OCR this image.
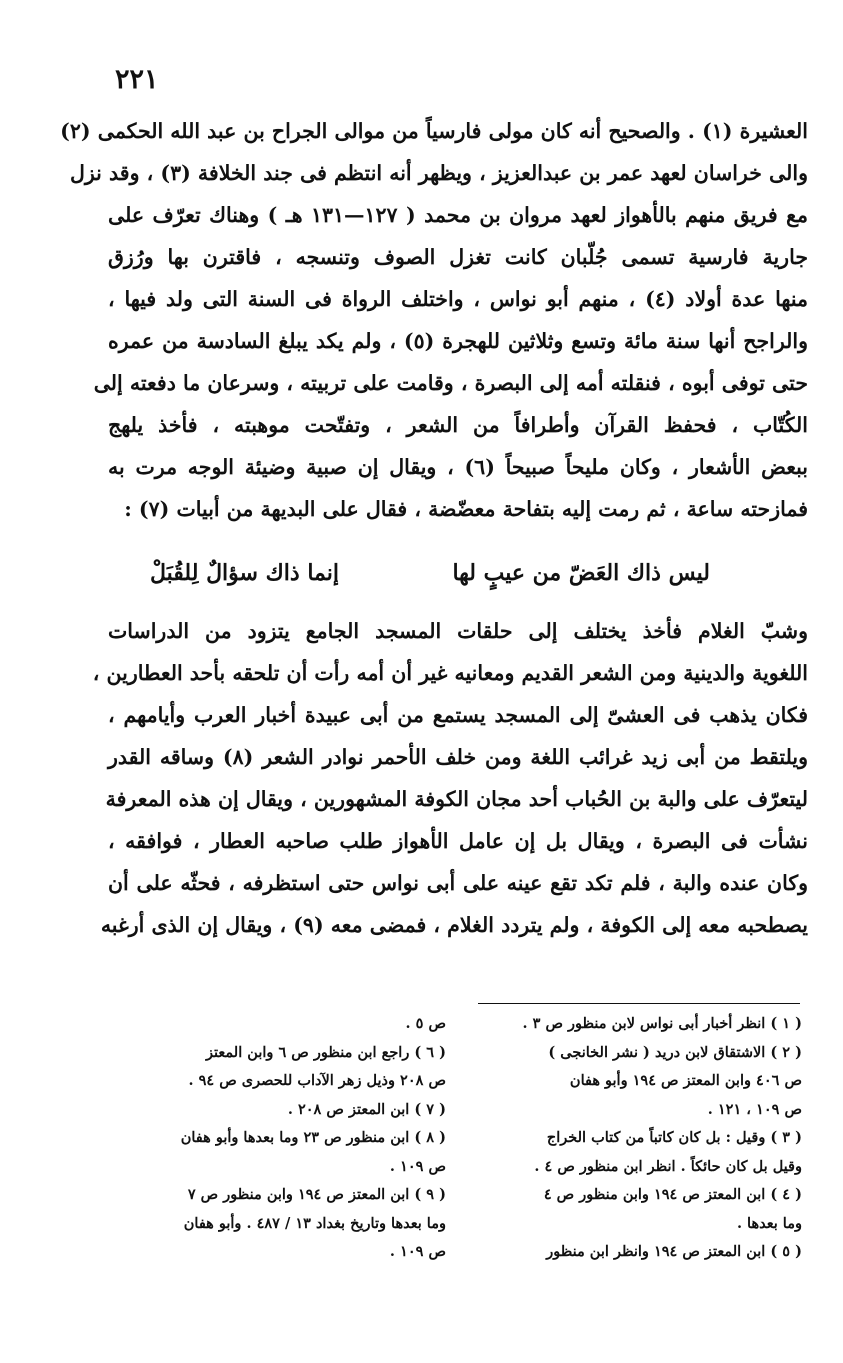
٢٢١
العشيرة (١) . والصحيح أنه كان مولى فارسياً من موالى الجراح بن عبد الله الحكمى (٢)
والى خراسان لعهد عمر بن عبدالعزيز ، ويظهر أنه انتظم فى جند الخلافة (٣) ، وقد نزل
مع فريق منهم بالأهواز لعهد مروان بن محمد ( ١٢٧—١٣١ هـ ) وهناك تعرّف على
جارية فارسية تسمى جُلّبان كانت تغزل الصوف وتنسجه ، فاقترن بها ورُزق
منها عدة أولاد (٤) ، منهم أبو نواس ، واختلف الرواة فى السنة التى ولد فيها ،
والراجح أنها سنة مائة وتسع وثلاثين للهجرة (٥) ، ولم يكد يبلغ السادسة من عمره
حتى توفى أبوه ، فنقلته أمه إلى البصرة ، وقامت على تربيته ، وسرعان ما دفعته إلى
الكُتّاب ، فحفظ القرآن وأطرافاً من الشعر ، وتفتّحت موهبته ، فأخذ يلهج
ببعض الأشعار ، وكان مليحاً صبيحاً (٦) ، ويقال إن صبية وضيئة الوجه مرت به
فمازحته ساعة ، ثم رمت إليه بتفاحة معضّضة ، فقال على البديهة من أبيات (٧) :
ليس ذاك العَضّ من عيبٍ لها
إنما ذاك سؤالٌ لِلقُبَلْ
وشبّ الغلام فأخذ يختلف إلى حلقات المسجد الجامع يتزود من الدراسات
اللغوية والدينية ومن الشعر القديم ومعانيه غير أن أمه رأت أن تلحقه بأحد العطارين ،
فكان يذهب فى العشىّ إلى المسجد يستمع من أبى عبيدة أخبار العرب وأيامهم ،
ويلتقط من أبى زيد غرائب اللغة ومن خلف الأحمر نوادر الشعر (٨) وساقه القدر
ليتعرّف على والبة بن الحُباب أحد مجان الكوفة المشهورين ، ويقال إن هذه المعرفة
نشأت فى البصرة ، ويقال بل إن عامل الأهواز طلب صاحبه العطار ، فوافقه ،
وكان عنده والبة ، فلم تكد تقع عينه على أبى نواس حتى استظرفه ، فحثّه على أن
يصطحبه معه إلى الكوفة ، ولم يتردد الغلام ، فمضى معه (٩) ، ويقال إن الذى أرغبه
( ١ ) انظر أخبار أبى نواس لابن منظور ص ٣ .
( ٢ ) الاشتقاق لابن دريد ( نشر الخانجى )
ص ٤٠٦ وابن المعتز ص ١٩٤ وأبو هفان
ص ١٠٩ ، ١٢١ .
( ٣ ) وقيل : بل كان كاتباً من كتاب الخراج
وقيل بل كان حائكاً . انظر ابن منظور ص ٤ .
( ٤ ) ابن المعتز ص ١٩٤ وابن منظور ص ٤
وما بعدها .
( ٥ ) ابن المعتز ص ١٩٤ وانظر ابن منظور
ص ٥ .
( ٦ ) راجع ابن منظور ص ٦ وابن المعتز
ص ٢٠٨ وذيل زهر الآداب للحصرى ص ٩٤ .
( ٧ ) ابن المعتز ص ٢٠٨ .
( ٨ ) ابن منظور ص ٢٣ وما بعدها وأبو هفان
ص ١٠٩ .
( ٩ ) ابن المعتز ص ١٩٤ وابن منظور ص ٧
وما بعدها وتاريخ بغداد ١٣ / ٤٨٧ . وأبو هفان
ص ١٠٩ .
